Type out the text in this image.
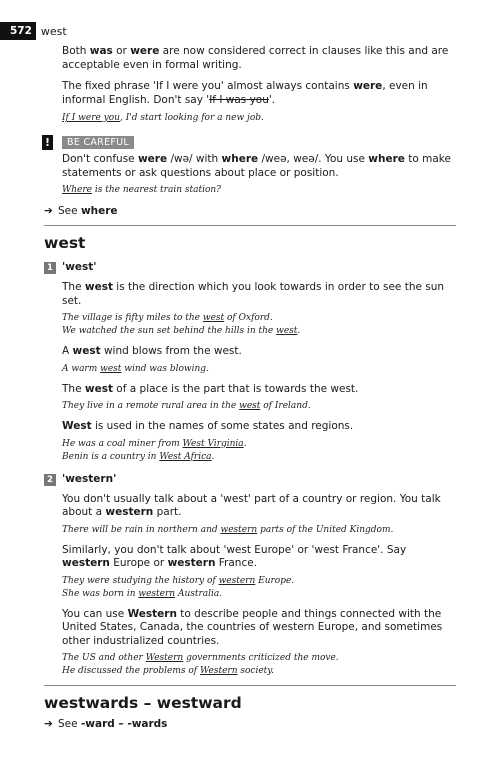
572 west

Both was or were are now considered correct in clauses like this and are acceptable even in formal writing.

The fixed phrase 'If I were you' almost always contains were, even in informal English. Don't say 'If I was you'.

If I were you, I'd start looking for a new job.

!	BE CAREFUL

Don't confuse were /wə/ with where /weə, weə/. You use where to make statements or ask questions about place or position.

Where is the nearest train station?

➔ See where

west
1 'west'

The west is the direction which you look towards in order to see the sun set.

The village is fifty miles to the west of Oxford.

We watched the sun set behind the hills in the west.

A west wind blows from the west.

A warm west wind was blowing.

The west of a place is the part that is towards the west.

They live in a remote rural area in the west of Ireland.

West is used in the names of some states and regions.

He was a coal miner from West Virginia.

Benin is a country in West Africa.

2 'western'

You don't usually talk about a 'west' part of a country or region. You talk about a western part.

There will be rain in northern and western parts of the United Kingdom.

Similarly, you don't talk about 'west Europe' or 'west France'. Say western Europe or western France.

They were studying the history of western Europe.

She was born in western Australia.

You can use Western to describe people and things connected with the United States, Canada, the countries of western Europe, and sometimes other industrialized countries.

The US and other Western governments criticized the move.

He discussed the problems of Western society.

westwards – westward

➔ See -ward – -wards
